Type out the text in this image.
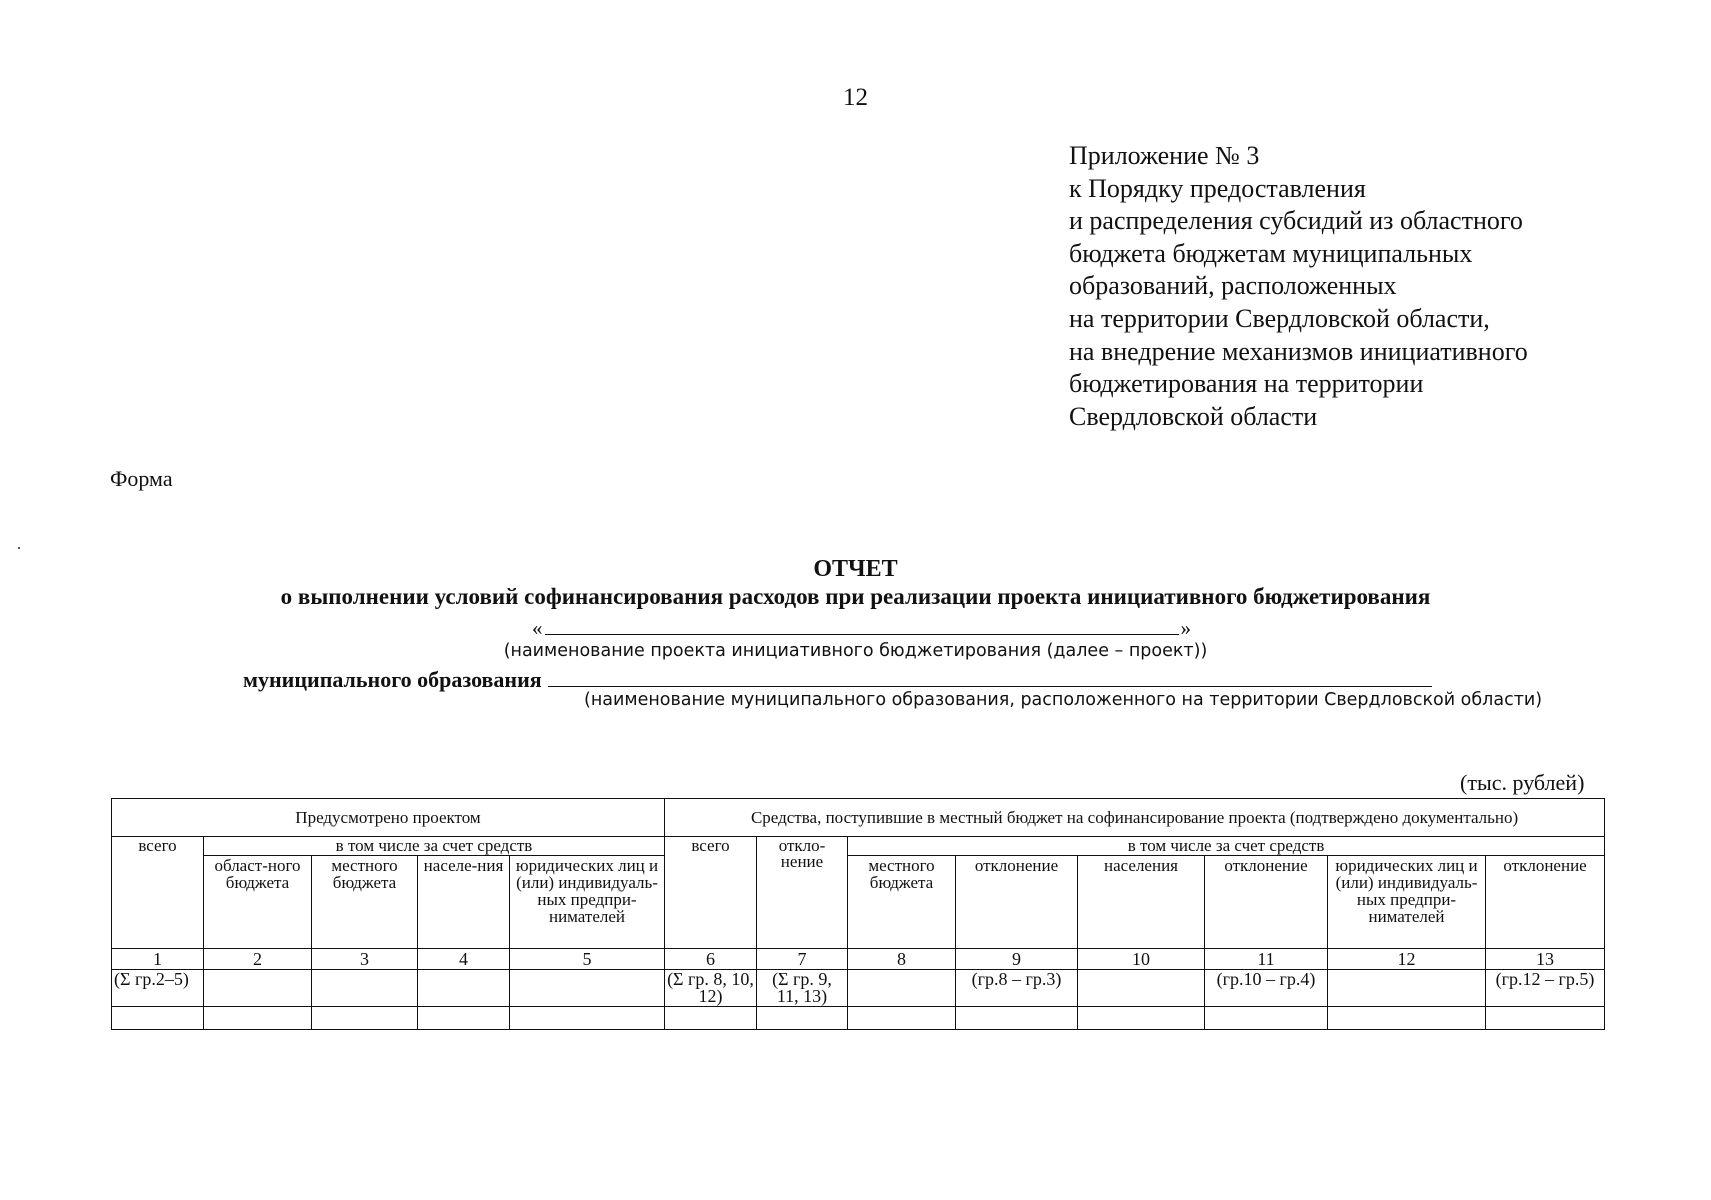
12
Приложение № 3
к Порядку предоставления
и распределения субсидий из областного
бюджета бюджетам муниципальных
образований, расположенных
на территории Свердловской области,
на внедрение механизмов инициативного
бюджетирования на территории
Свердловской области
Форма
ОТЧЕТ
о выполнении условий софинансирования расходов при реализации проекта инициативного бюджетирования
«	»
(наименование проекта инициативного бюджетирования (далее – проект))
муниципального образования
(наименование муниципального образования, расположенного на территории Свердловской области)
(тыс. рублей)
Предусмотрено проектом					Средства, поступившие в местный бюджет на софинансирование проекта (подтверждено документально)							
всего	в том числе за счет средств				всего	откло-нение	в том числе за счет средств					
	област-ного бюджета	местного бюджета	населе-ния	юридических лиц и (или) индивидуаль-ных предпри-нимателей			местного бюджета	отклонение	населения	отклонение	юридических лиц и (или) индивидуаль-ных предпри-нимателей	отклонение
1	2	3	4	5	6	7	8	9	10	11	12	13
(Σ гр.2–5)					(Σ гр. 8, 10, 12)	(Σ гр. 9, 11, 13)		(гр.8 – гр.3)		(гр.10 – гр.4)		(гр.12 – гр.5)
